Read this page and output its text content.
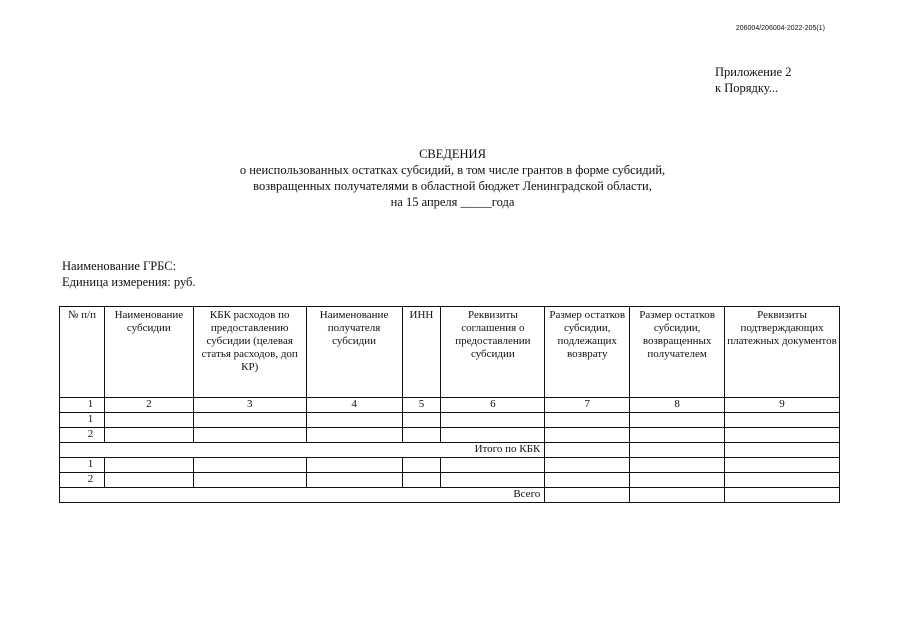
206004/206004-2022-205(1)
Приложение 2
к Порядку...
СВЕДЕНИЯ
о неиспользованных остатках субсидий, в том числе грантов в форме субсидий,
возвращенных получателями в областной бюджет Ленинградской области,
на 15 апреля _____года
Наименование ГРБС:
Единица измерения: руб.
№ п/п	Наименование субсидии	КБК расходов по предоставлению субсидии (целевая статья расходов, доп КР)	Наименование получателя субсидии	ИНН	Реквизиты соглашения о предоставлении субсидии	Размер остатков субсидии, подлежащих возврату	Размер остатков субсидии, возвращенных получателем	Реквизиты подтверждающих платежных документов
1	2	3	4	5	6	7	8	9
1								
2								
Итого по КБК								
1								
2								
Всего								
